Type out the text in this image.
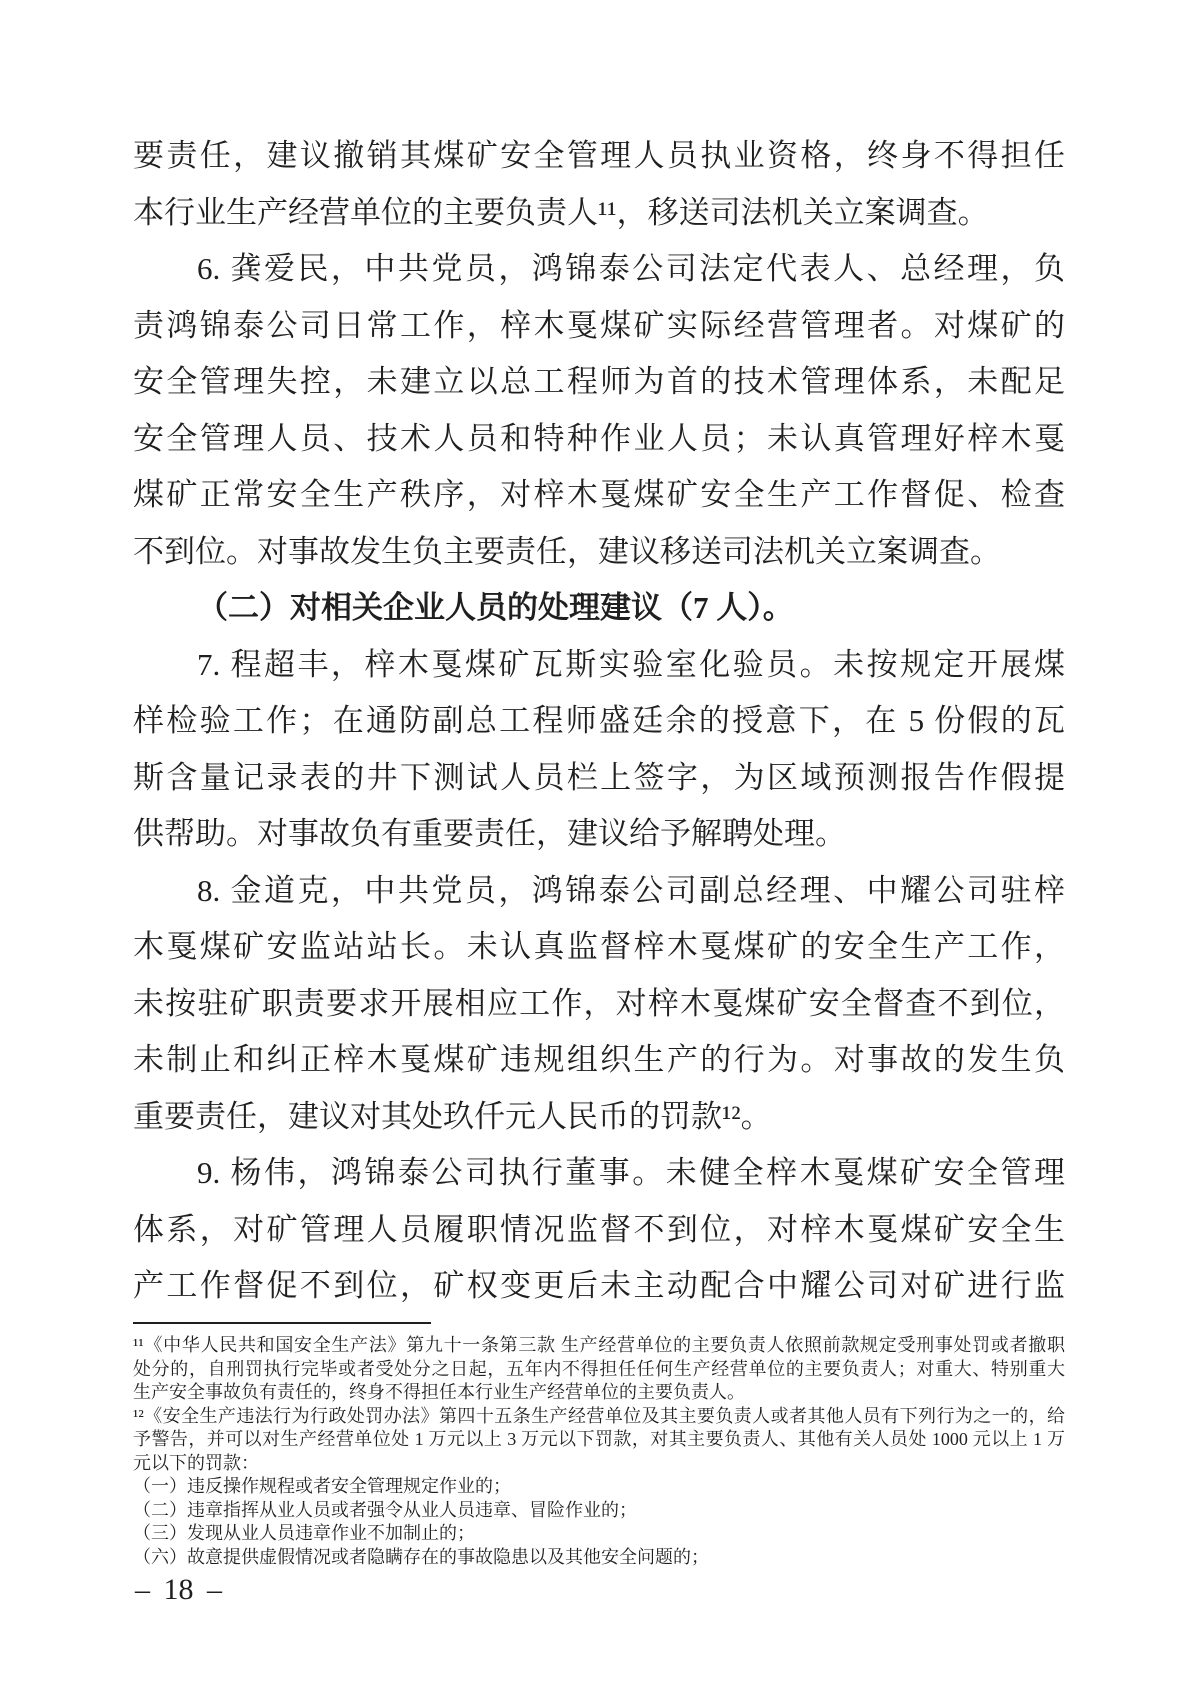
要责任，建议撤销其煤矿安全管理人员执业资格，终身不得担任
本行业生产经营单位的主要负责人¹¹，移送司法机关立案调查。
6. 龚爱民，中共党员，鸿锦泰公司法定代表人、总经理，负
责鸿锦泰公司日常工作，梓木戛煤矿实际经营管理者。对煤矿的
安全管理失控，未建立以总工程师为首的技术管理体系，未配足
安全管理人员、技术人员和特种作业人员；未认真管理好梓木戛
煤矿正常安全生产秩序，对梓木戛煤矿安全生产工作督促、检查
不到位。对事故发生负主要责任，建议移送司法机关立案调查。
（二）对相关企业人员的处理建议（7 人）。
7. 程超丰，梓木戛煤矿瓦斯实验室化验员。未按规定开展煤
样检验工作；在通防副总工程师盛廷余的授意下，在 5 份假的瓦
斯含量记录表的井下测试人员栏上签字，为区域预测报告作假提
供帮助。对事故负有重要责任，建议给予解聘处理。
8. 金道克，中共党员，鸿锦泰公司副总经理、中耀公司驻梓
木戛煤矿安监站站长。未认真监督梓木戛煤矿的安全生产工作，
未按驻矿职责要求开展相应工作，对梓木戛煤矿安全督查不到位，
未制止和纠正梓木戛煤矿违规组织生产的行为。对事故的发生负
重要责任，建议对其处玖仟元人民币的罚款¹²。
9. 杨伟，鸿锦泰公司执行董事。未健全梓木戛煤矿安全管理
体系，对矿管理人员履职情况监督不到位，对梓木戛煤矿安全生
产工作督促不到位，矿权变更后未主动配合中耀公司对矿进行监
¹¹《中华人民共和国安全生产法》第九十一条第三款 生产经营单位的主要负责人依照前款规定受刑事处罚或者撤职
处分的，自刑罚执行完毕或者受处分之日起，五年内不得担任任何生产经营单位的主要负责人；对重大、特别重大
生产安全事故负有责任的，终身不得担任本行业生产经营单位的主要负责人。
¹²《安全生产违法行为行政处罚办法》第四十五条生产经营单位及其主要负责人或者其他人员有下列行为之一的，给
予警告，并可以对生产经营单位处 1 万元以上 3 万元以下罚款，对其主要负责人、其他有关人员处 1000 元以上 1 万
元以下的罚款：
（一）违反操作规程或者安全管理规定作业的；
（二）违章指挥从业人员或者强令从业人员违章、冒险作业的；
（三）发现从业人员违章作业不加制止的；
（六）故意提供虚假情况或者隐瞒存在的事故隐患以及其他安全问题的；
– 18 –
